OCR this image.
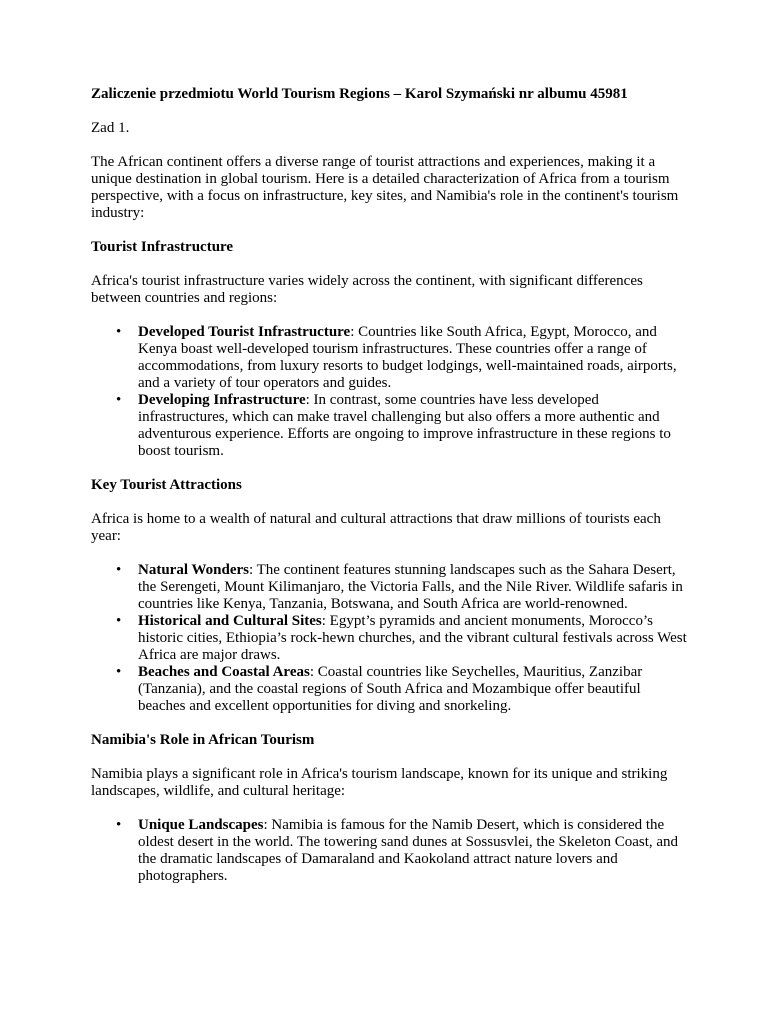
Zaliczenie przedmiotu World Tourism Regions – Karol Szymański nr albumu 45981

Zad 1.

The African continent offers a diverse range of tourist attractions and experiences, making it a unique destination in global tourism. Here is a detailed characterization of Africa from a tourism perspective, with a focus on infrastructure, key sites, and Namibia's role in the continent's tourism industry:

Tourist Infrastructure

Africa's tourist infrastructure varies widely across the continent, with significant differences between countries and regions:

• Developed Tourist Infrastructure: Countries like South Africa, Egypt, Morocco, and Kenya boast well-developed tourism infrastructures. These countries offer a range of accommodations, from luxury resorts to budget lodgings, well-maintained roads, airports, and a variety of tour operators and guides.
• Developing Infrastructure: In contrast, some countries have less developed infrastructures, which can make travel challenging but also offers a more authentic and adventurous experience. Efforts are ongoing to improve infrastructure in these regions to boost tourism.
Key Tourist Attractions

Africa is home to a wealth of natural and cultural attractions that draw millions of tourists each year:

• Natural Wonders: The continent features stunning landscapes such as the Sahara Desert, the Serengeti, Mount Kilimanjaro, the Victoria Falls, and the Nile River. Wildlife safaris in countries like Kenya, Tanzania, Botswana, and South Africa are world-renowned.
• Historical and Cultural Sites: Egypt’s pyramids and ancient monuments, Morocco’s historic cities, Ethiopia’s rock-hewn churches, and the vibrant cultural festivals across West Africa are major draws.
• Beaches and Coastal Areas: Coastal countries like Seychelles, Mauritius, Zanzibar (Tanzania), and the coastal regions of South Africa and Mozambique offer beautiful beaches and excellent opportunities for diving and snorkeling.
Namibia's Role in African Tourism

Namibia plays a significant role in Africa's tourism landscape, known for its unique and striking landscapes, wildlife, and cultural heritage:

• Unique Landscapes: Namibia is famous for the Namib Desert, which is considered the oldest desert in the world. The towering sand dunes at Sossusvlei, the Skeleton Coast, and the dramatic landscapes of Damaraland and Kaokoland attract nature lovers and photographers.
